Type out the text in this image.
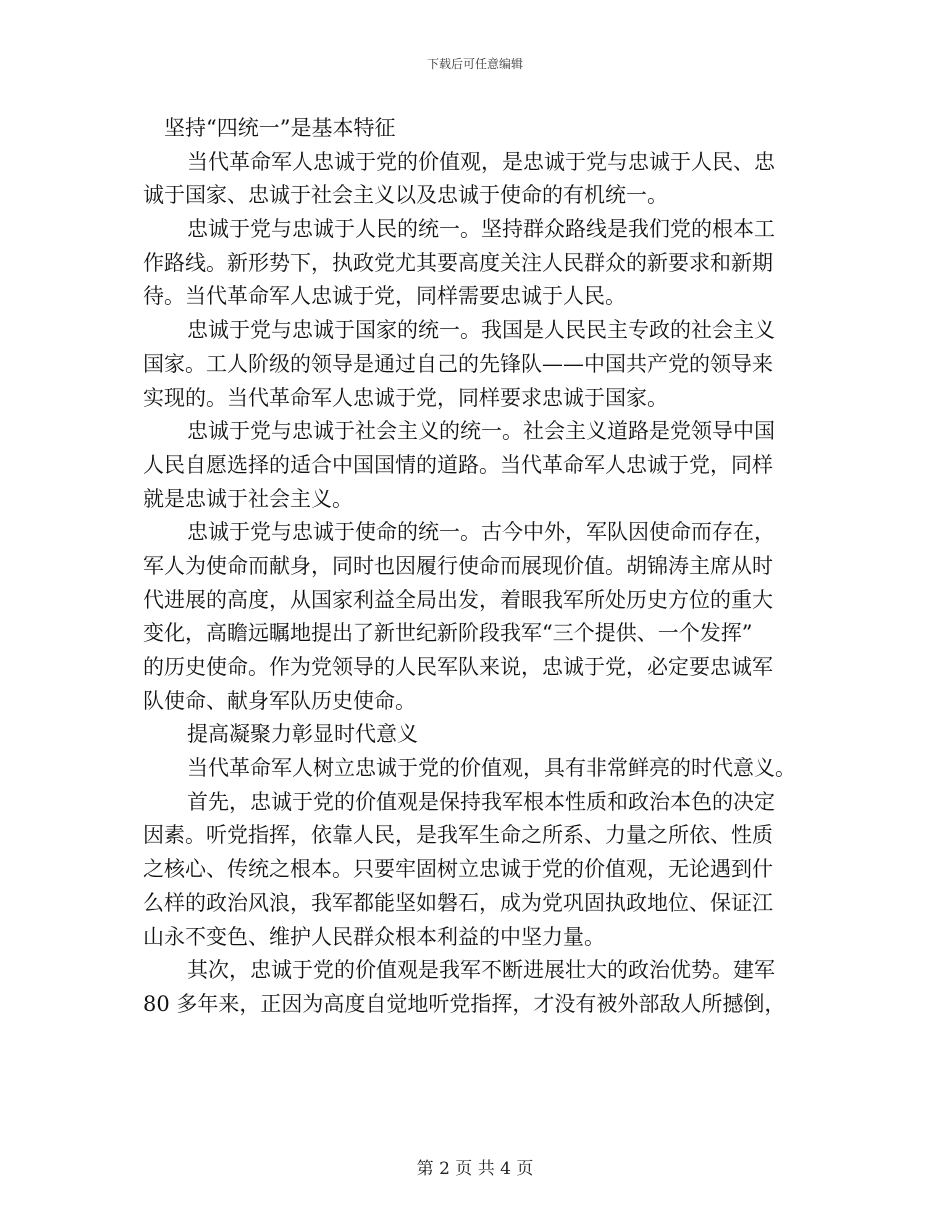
下载后可任意编辑
坚持“四统一”是基本特征
当代革命军人忠诚于党的价值观，是忠诚于党与忠诚于人民、忠
诚于国家、忠诚于社会主义以及忠诚于使命的有机统一。
忠诚于党与忠诚于人民的统一。坚持群众路线是我们党的根本工
作路线。新形势下，执政党尤其要高度关注人民群众的新要求和新期
待。当代革命军人忠诚于党，同样需要忠诚于人民。
忠诚于党与忠诚于国家的统一。我国是人民民主专政的社会主义
国家。工人阶级的领导是通过自己的先锋队——中国共产党的领导来
实现的。当代革命军人忠诚于党，同样要求忠诚于国家。
忠诚于党与忠诚于社会主义的统一。社会主义道路是党领导中国
人民自愿选择的适合中国国情的道路。当代革命军人忠诚于党，同样
就是忠诚于社会主义。
忠诚于党与忠诚于使命的统一。古今中外，军队因使命而存在，
军人为使命而献身，同时也因履行使命而展现价值。胡锦涛主席从时
代进展的高度，从国家利益全局出发，着眼我军所处历史方位的重大
变化，高瞻远瞩地提出了新世纪新阶段我军“三个提供、一个发挥”
的历史使命。作为党领导的人民军队来说，忠诚于党，必定要忠诚军
队使命、献身军队历史使命。
提高凝聚力彰显时代意义
当代革命军人树立忠诚于党的价值观，具有非常鲜亮的时代意义。
首先，忠诚于党的价值观是保持我军根本性质和政治本色的决定
因素。听党指挥，依靠人民，是我军生命之所系、力量之所依、性质
之核心、传统之根本。只要牢固树立忠诚于党的价值观，无论遇到什
么样的政治风浪，我军都能坚如磐石，成为党巩固执政地位、保证江
山永不变色、维护人民群众根本利益的中坚力量。
其次，忠诚于党的价值观是我军不断进展壮大的政治优势。建军
80 多年来，正因为高度自觉地听党指挥，才没有被外部敌人所撼倒，
第 2 页 共 4 页
